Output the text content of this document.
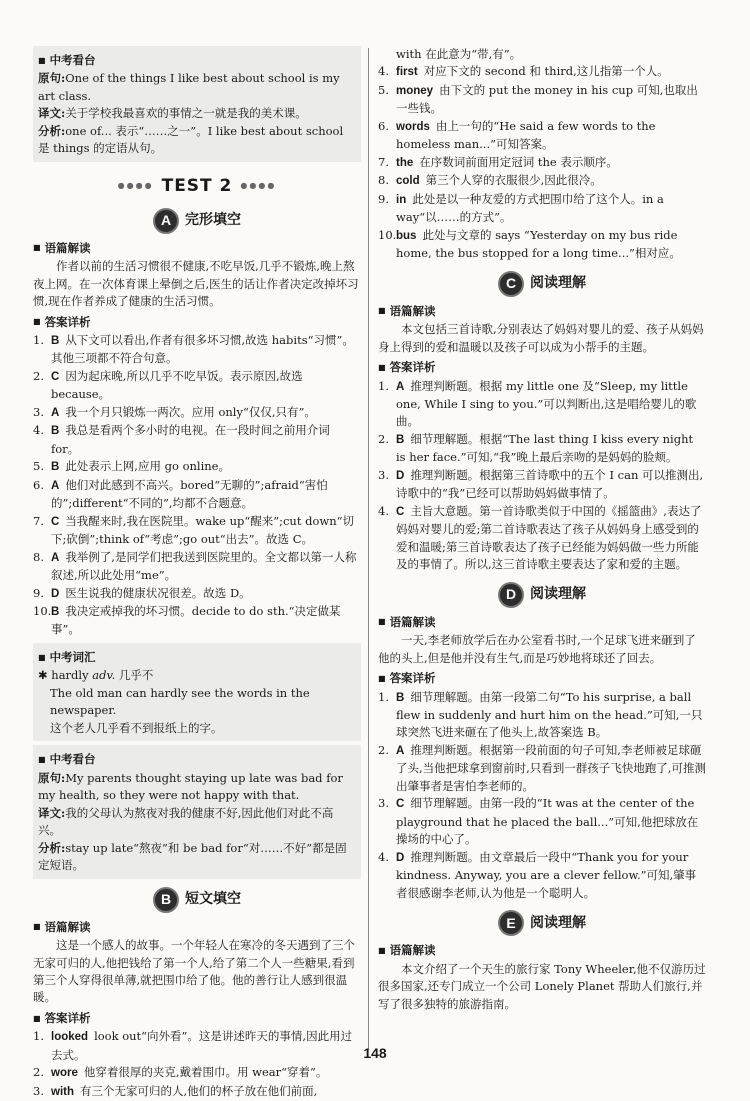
■ 中考看台

原句:One of the things I like best about school is my art class.

译文:关于学校我最喜欢的事情之一就是我的美术课。

分析:one of... 表示“……之一”。I like best about school 是 things 的定语从句。

●●●● TEST 2 ●●●●
A 完形填空
■ 语篇解读

作者以前的生活习惯很不健康,不吃早饭,几乎不锻炼,晚上熬夜上网。在一次体育课上晕倒之后,医生的话让作者决定改掉坏习惯,现在作者养成了健康的生活习惯。

■ 答案详析
1. B 从下文可以看出,作者有很多坏习惯,故选 habits“习惯”。其他三项都不符合句意。
2. C 因为起床晚,所以几乎不吃早饭。表示原因,故选 because。
3. A 我一个月只锻炼一两次。应用 only“仅仅,只有”。
4. B 我总是看两个多小时的电视。在一段时间之前用介词 for。
5. B 此处表示上网,应用 go online。
6. A 他们对此感到不高兴。bored“无聊的”;afraid“害怕的”;different“不同的”,均都不合题意。
7. C 当我醒来时,我在医院里。wake up“醒来”;cut down“切下;砍倒”;think of“考虑”;go out“出去”。故选 C。
8. A 我举例了,是同学们把我送到医院里的。全文都以第一人称叙述,所以此处用“me”。
9. D 医生说我的健康状况很差。故选 D。
10. B 我决定戒掉我的坏习惯。decide to do sth.“决定做某事”。
■ 中考词汇

✱ hardly adv. 几乎不

The old man can hardly see the words in the newspaper.

这个老人几乎看不到报纸上的字。

■ 中考看台

原句:My parents thought staying up late was bad for my health, so they were not happy with that.

译文:我的父母认为熬夜对我的健康不好,因此他们对此不高兴。

分析:stay up late“熬夜”和 be bad for“对……不好”都是固定短语。

B 短文填空
■ 语篇解读

这是一个感人的故事。一个年轻人在寒冷的冬天遇到了三个无家可归的人,他把钱给了第一个人,给了第二个人一些糖果,看到第三个人穿得很单薄,就把围巾给了他。他的善行让人感到很温暖。

■ 答案详析
1. looked look out“向外看”。这是讲述昨天的事情,因此用过去式。
2. wore 他穿着很厚的夹克,戴着围巾。用 wear“穿着”。
3. with 有三个无家可归的人,他们的杯子放在他们前面,

with 在此意为“带,有”。

4. first 对应下文的 second 和 third,这儿指第一个人。
5. money 由下文的 put the money in his cup 可知,也取出一些钱。
6. words 由上一句的“He said a few words to the homeless man...”可知答案。
7. the 在序数词前面用定冠词 the 表示顺序。
8. cold 第三个人穿的衣服很少,因此很冷。
9. in 此处是以一种友爱的方式把围巾给了这个人。in a way“以……的方式”。
10. bus 此处与文章的 says “Yesterday on my bus ride home, the bus stopped for a long time...”相对应。
C 阅读理解
■ 语篇解读

本文包括三首诗歌,分别表达了妈妈对婴儿的爱、孩子从妈妈身上得到的爱和温暖以及孩子可以成为小帮手的主题。

■ 答案详析
1. A 推理判断题。根据 my little one 及“Sleep, my little one, While I sing to you.”可以判断出,这是唱给婴儿的歌曲。
2. B 细节理解题。根据“The last thing I kiss every night is her face.”可知,“我”晚上最后亲吻的是妈妈的脸颊。
3. D 推理判断题。根据第三首诗歌中的五个 I can 可以推测出,诗歌中的“我”已经可以帮助妈妈做事情了。
4. C 主旨大意题。第一首诗歌类似于中国的《摇篮曲》,表达了妈妈对婴儿的爱;第二首诗歌表达了孩子从妈妈身上感受到的爱和温暖;第三首诗歌表达了孩子已经能为妈妈做一些力所能及的事情了。所以,这三首诗歌主要表达了家和爱的主题。
D 阅读理解
■ 语篇解读

一天,李老师放学后在办公室看书时,一个足球飞进来砸到了他的头上,但是他并没有生气,而是巧妙地将球还了回去。

■ 答案详析
1. B 细节理解题。由第一段第二句“To his surprise, a ball flew in suddenly and hurt him on the head.”可知,一只球突然飞进来砸在了他头上,故答案选 B。
2. A 推理判断题。根据第一段前面的句子可知,李老师被足球砸了头,当他把球拿到窗前时,只看到一群孩子飞快地跑了,可推测出肇事者是害怕李老师的。
3. C 细节理解题。由第一段的“It was at the center of the playground that he placed the ball...”可知,他把球放在操场的中心了。
4. D 推理判断题。由文章最后一段中“Thank you for your kindness. Anyway, you are a clever fellow.”可知,肇事者很感谢李老师,认为他是一个聪明人。
E	阅读理解
■ 语篇解读

本文介绍了一个天生的旅行家 Tony Wheeler,他不仅游历过很多国家,还专门成立一个公司 Lonely Planet 帮助人们旅行,并写了很多独特的旅游指南。

148
